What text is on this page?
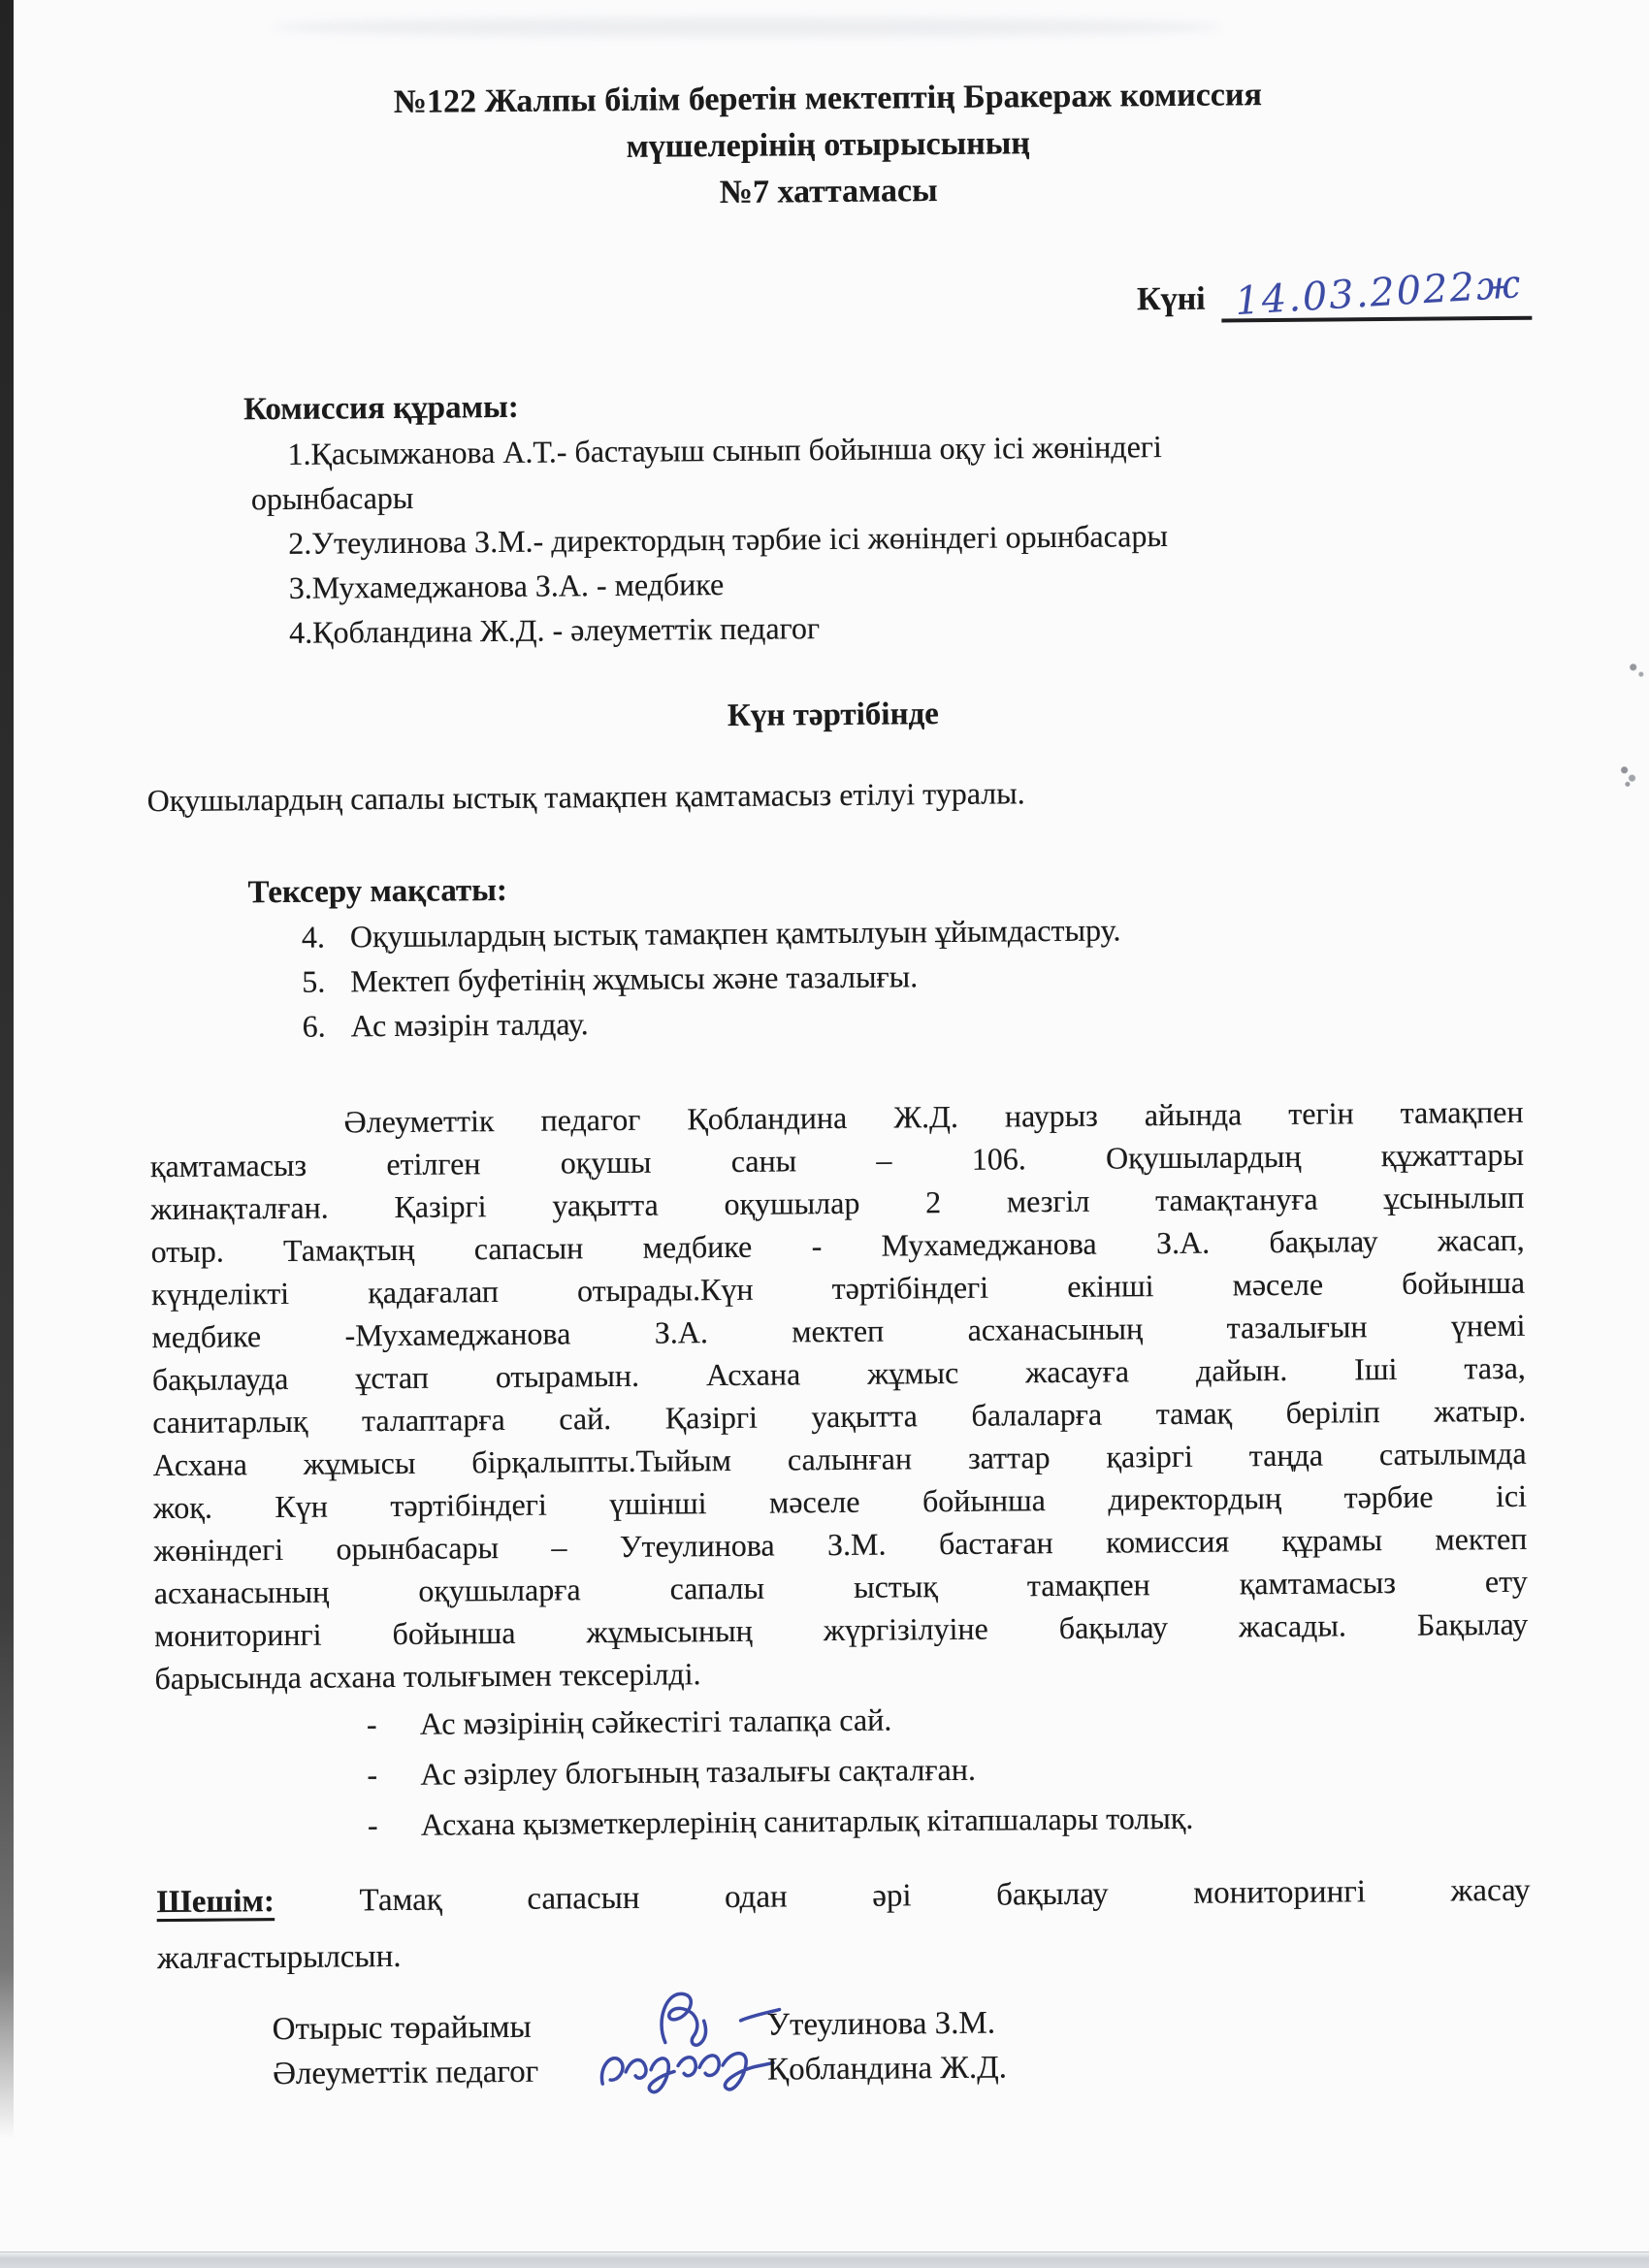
№122 Жалпы білім беретін мектептің Бракераж комиссия
мүшелерінің отырысының
№7 хаттамасы
Күні 14.03.2022ж
Комиссия құрамы:
1.Қасымжанова А.Т.- бастауыш сынып бойынша оқу ісі жөніндегі
орынбасары
2.Утеулинова З.М.- директордың тәрбие ісі жөніндегі орынбасары
3.Мухамеджанова З.А. - медбике
4.Қобландина Ж.Д. - әлеуметтік педагог
Күн тәртібінде
Оқушылардың сапалы ыстық тамақпен қамтамасыз етілуі туралы.
Тексеру мақсаты:
4. Оқушылардың ыстық тамақпен қамтылуын ұйымдастыру.
5. Мектеп буфетінің жұмысы және тазалығы.
6. Ас мәзірін талдау.
Әлеуметтік педагог Қобландина Ж.Д. наурыз айында тегін тамақпен
қамтамасыз етілген оқушы саны – 106. Оқушылардың құжаттары
жинақталған. Қазіргі уақытта оқушылар 2 мезгіл тамақтануға ұсынылып
отыр. Тамақтың сапасын медбике - Мухамеджанова З.А. бақылау жасап,
күнделікті қадағалап отырады.Күн тәртібіндегі екінші мәселе бойынша
медбике -Мухамеджанова З.А. мектеп асханасының тазалығын үнемі
бақылауда ұстап отырамын. Асхана жұмыс жасауға дайын. Іші таза,
санитарлық талаптарға сай. Қазіргі уақытта балаларға тамақ беріліп жатыр.
Асхана жұмысы бірқалыпты.Тыйым салынған заттар қазіргі таңда сатылымда
жоқ. Күн тәртібіндегі үшінші мәселе бойынша директордың тәрбие ісі
жөніндегі орынбасары – Утеулинова З.М. бастаған комиссия құрамы мектеп
асханасының оқушыларға сапалы ыстық тамақпен қамтамасыз ету
мониторингі бойынша жұмысының жүргізілуіне бақылау жасады. Бақылау
барысында асхана толығымен тексерілді.
- Ас мәзірінің сәйкестігі талапқа сай.
- Ас әзірлеу блогының тазалығы сақталған.
- Асхана қызметкерлерінің санитарлық кітапшалары толық.
Шешім:	Тамақ сапасын одан әрі бақылау мониторингі жасау
жалғастырылсын.
Отырыс төрайымы	Утеулинова З.М.
Әлеуметтік педагог	Қобландина Ж.Д.
